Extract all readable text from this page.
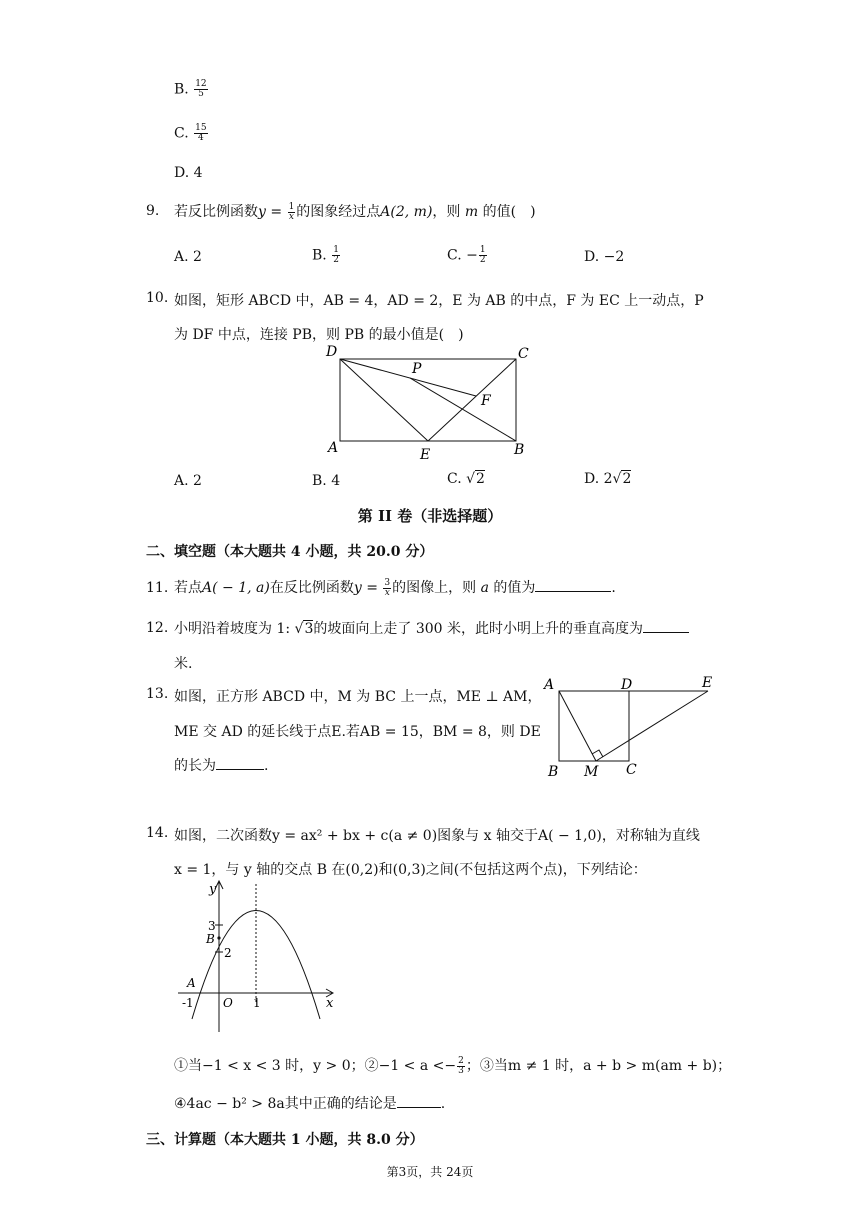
B. $\frac{12}{5}$
C. $\frac{15}{4}$
D. 4
9. 若反比例函数$y = \frac{1}{x}$ 的图象经过点A(2, m)，则 m 的值(　)
A. 2	B. $\frac{1}{2}$	C. − $\frac{1}{2}$	D. −2
10. 如图，矩形 ABCD 中，AB = 4，AD = 2，E 为 AB 的中点，F 为 EC 上一动点，P
为 DF 中点，连接 PB，则 PB 的最小值是(　)
D	C
A	B
E
F
P
A. 2	B. 4	C. √2	D. 2√2
第 II 卷（非选择题）
二、填空题（本大题共 4 小题，共 20.0 分）
11. 若点A( − 1, a)在反比例函数$y = \frac{3}{x}$ 的图像上，则 a 的值为	.
12. 小明沿着坡度为 1: √3的坡面向上走了 300 米，此时小明上升的垂直高度为
米.
13. 如图，正方形 ABCD 中，M 为 BC 上一点，ME ⊥ AM，
ME 交 AD 的延长线于点E.若AB = 15，BM = 8，则 DE
的长为	.
A	D	E
B M C
14. 如图，二次函数y = ax² + bx + c(a ≠ 0)图象与 x 轴交于A( − 1,0)，对称轴为直线
x = 1，与 y 轴的交点 B 在(0,2)和(0,3)之间(不包括这两个点)，下列结论：
y
x
3
B
2
A
-1 O 1
①当−1 < x < 3 时，y > 0；②−1 < $a <- \frac{2}{3}$ ；③当m ≠ 1 时，a + b > m(am + b)；
④4ac − b² > 8a其中正确的结论是	.
三、计算题（本大题共 1 小题，共 8.0 分）
第3页，共 24页
